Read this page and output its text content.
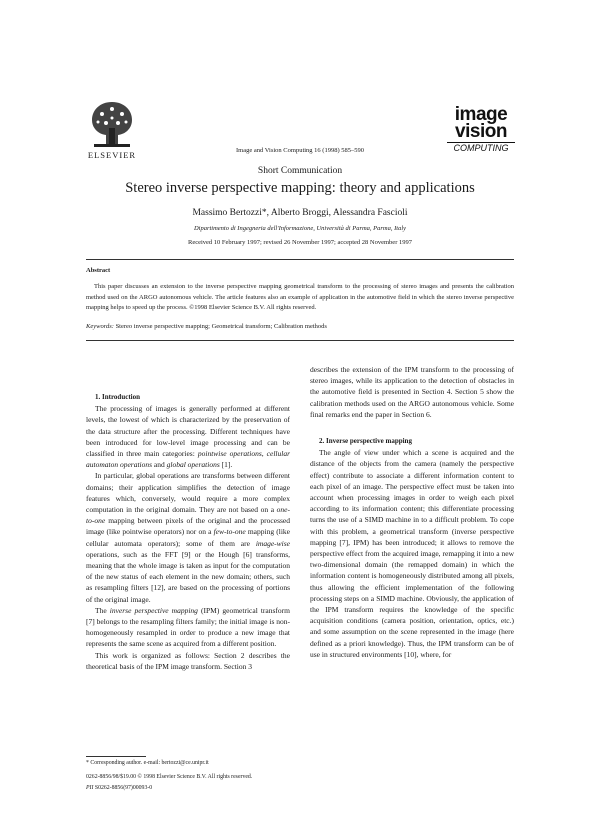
ELSEVIER
image
vision
COMPUTING
Image and Vision Computing 16 (1998) 585–590
Short Communication
Stereo inverse perspective mapping: theory and applications
Massimo Bertozzi*, Alberto Broggi, Alessandra Fascioli
Dipartimento di Ingegneria dell'Informazione, Università di Parma, Parma, Italy
Received 10 February 1997; revised 26 November 1997; accepted 28 November 1997
Abstract
This paper discusses an extension to the inverse perspective mapping geometrical transform to the processing of stereo images and presents the calibration method used on the ARGO autonomous vehicle. The article features also an example of application in the automotive field in which the stereo inverse perspective mapping helps to speed up the process. ©1998 Elsevier Science B.V. All rights reserved.
Keywords: Stereo inverse perspective mapping; Geometrical transform; Calibration methods

1. Introduction

The processing of images is generally performed at different levels, the lowest of which is characterized by the preservation of the data structure after the processing. Different techniques have been introduced for low-level image processing and can be classified in three main categories: pointwise operations, cellular automaton operations and global operations [1].

In particular, global operations are transforms between different domains; their application simplifies the detection of image features which, conversely, would require a more complex computation in the original domain. They are not based on a one-to-one mapping between pixels of the original and the processed image (like pointwise operators) nor on a few-to-one mapping (like cellular automata operators); some of them are image-wise operations, such as the FFT [9] or the Hough [6] transforms, meaning that the whole image is taken as input for the computation of the new status of each element in the new domain; others, such as resampling filters [12], are based on the processing of portions of the original image.

The inverse perspective mapping (IPM) geometrical transform [7] belongs to the resampling filters family; the initial image is non-homogeneously resampled in order to produce a new image that represents the same scene as acquired from a different position.

This work is organized as follows: Section 2 describes the theoretical basis of the IPM image transform. Section 3

describes the extension of the IPM transform to the processing of stereo images, while its application to the detection of obstacles in the automotive field is presented in Section 4. Section 5 show the calibration methods used on the ARGO autonomous vehicle. Some final remarks end the paper in Section 6.

2. Inverse perspective mapping

The angle of view under which a scene is acquired and the distance of the objects from the camera (namely the perspective effect) contribute to associate a different information content to each pixel of an image. The perspective effect must be taken into account when processing images in order to weigh each pixel according to its information content; this differentiate processing turns the use of a SIMD machine in to a difficult problem. To cope with this problem, a geometrical transform (inverse perspective mapping [7], IPM) has been introduced; it allows to remove the perspective effect from the acquired image, remapping it into a new two-dimensional domain (the remapped domain) in which the information content is homogeneously distributed among all pixels, thus allowing the efficient implementation of the following processing steps on a SIMD machine. Obviously, the application of the IPM transform requires the knowledge of the specific acquisition conditions (camera position, orientation, optics, etc.) and some assumption on the scene represented in the image (here defined as a priori knowledge). Thus, the IPM transform can be of use in structured environments [10], where, for

* Corresponding author. e-mail: bertozzi@ce.unipr.it
0262-8856/98/$19.00 © 1998 Elsevier Science B.V. All rights reserved.
PII S0262-8856(97)00093-0
